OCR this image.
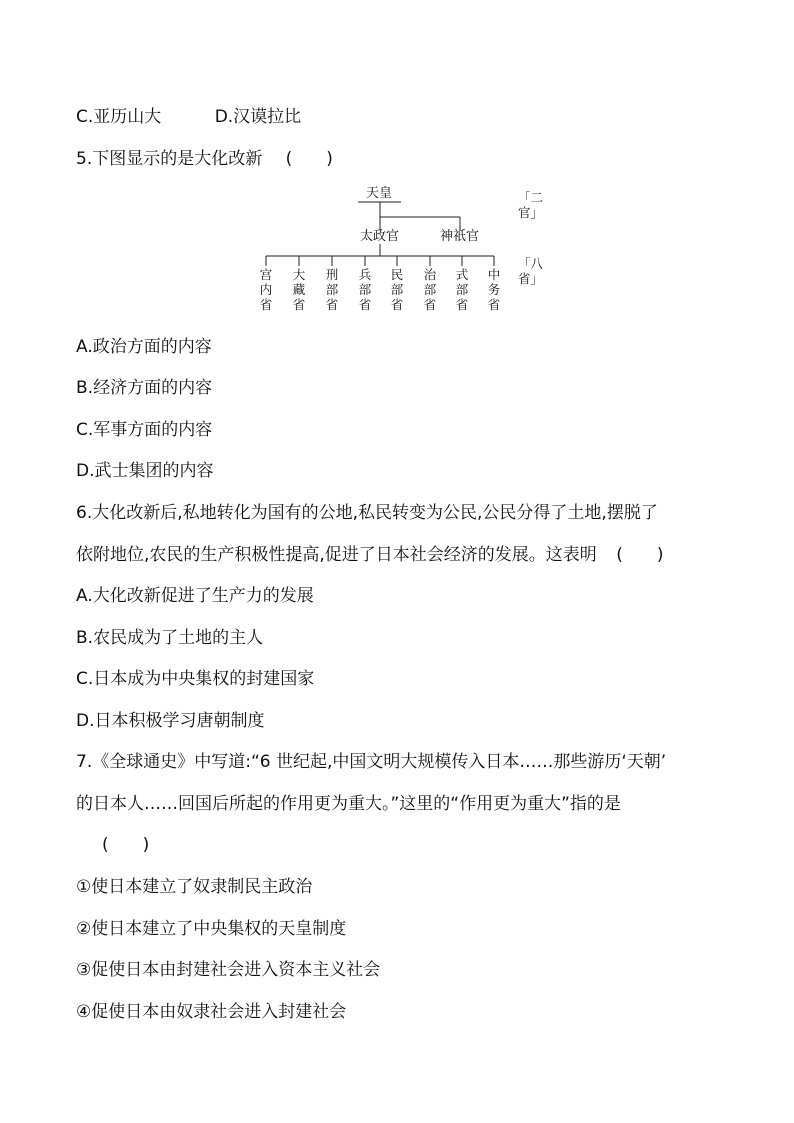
C.亚历山大	D.汉谟拉比
5.下图显示的是大化改新 (　　)
天皇
太政官	神祇官
宫内省
大藏省
刑部省
兵部省
民部省
治部省
式部省
中务省
「二官」
「八省」
A.政治方面的内容
B.经济方面的内容
C.军事方面的内容
D.武士集团的内容
6.大化改新后,私地转化为国有的公地,私民转变为公民,公民分得了土地,摆脱了
依附地位,农民的生产积极性提高,促进了日本社会经济的发展。这表明 (　　)
A.大化改新促进了生产力的发展
B.农民成为了土地的主人
C.日本成为中央集权的封建国家
D.日本积极学习唐朝制度
7.《全球通史》中写道:“6 世纪起,中国文明大规模传入日本……那些游历‘天朝’
的日本人……回国后所起的作用更为重大。”这里的“作用更为重大”指的是
(　　)
①使日本建立了奴隶制民主政治
②使日本建立了中央集权的天皇制度
③促使日本由封建社会进入资本主义社会
④促使日本由奴隶社会进入封建社会
